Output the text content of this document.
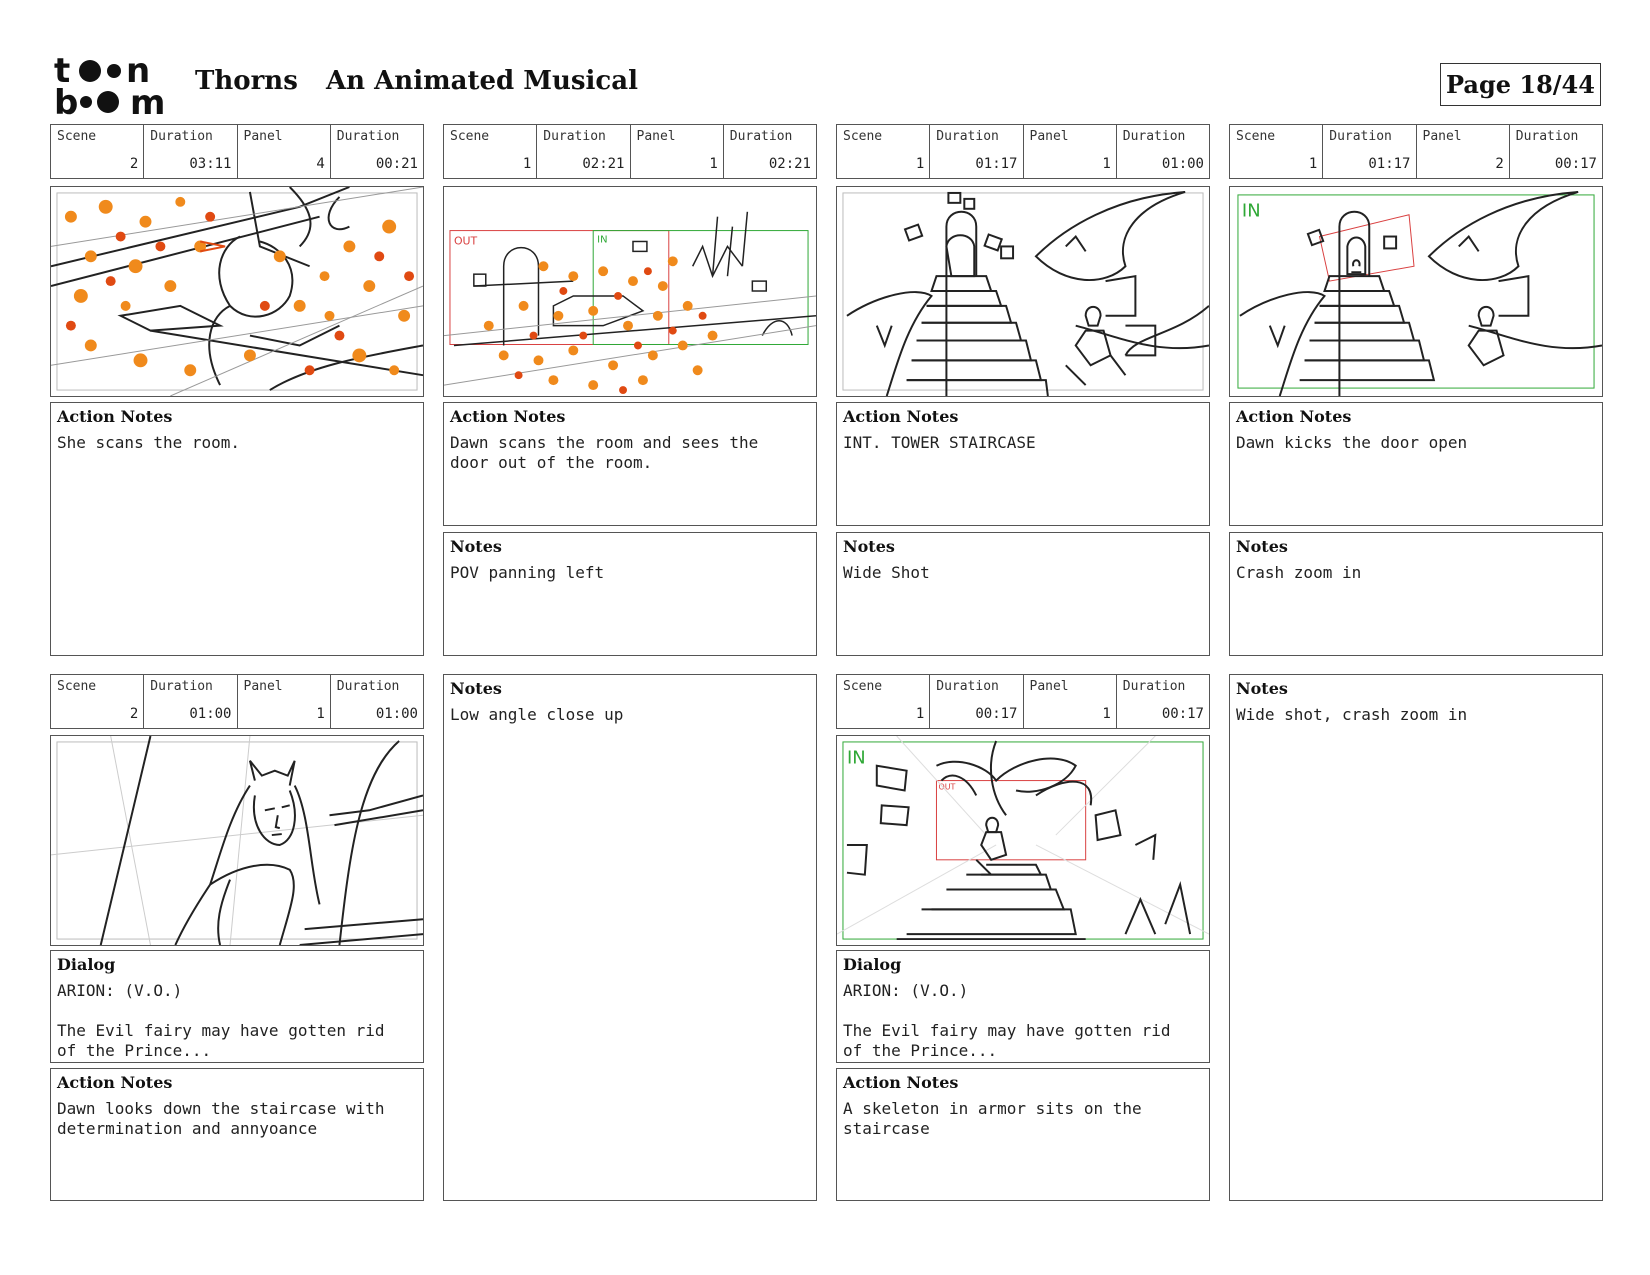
t n
b m
Thorns An Animated Musical	Page 18/44
Scene
2
Duration
03:11
Panel
4
Duration
00:21
Action Notes
She scans the room.
Scene
1
Duration
02:21
Panel
1
Duration
02:21
OUT	IN
Action Notes
Dawn scans the room and sees the
door out of the room.
Notes
POV panning left
Scene
1
Duration
01:17
Panel
1
Duration
01:00
Action Notes
INT. TOWER STAIRCASE
Notes
Wide Shot
Scene
1
Duration
01:17
Panel
2
Duration
00:17
IN
Action Notes
Dawn kicks the door open
Notes
Crash zoom in
Scene
2
Duration
01:00
Panel
1
Duration
01:00
Dialog
ARION: (V.O.)

The Evil fairy may have gotten rid
of the Prince...
Action Notes
Dawn looks down the staircase with
determination and annyoance
Notes
Low angle close up
Scene
1
Duration
00:17
Panel
1
Duration
00:17
IN
OUT
Dialog
ARION: (V.O.)

The Evil fairy may have gotten rid
of the Prince...
Action Notes
A skeleton in armor sits on the
staircase
Notes
Wide shot, crash zoom in
